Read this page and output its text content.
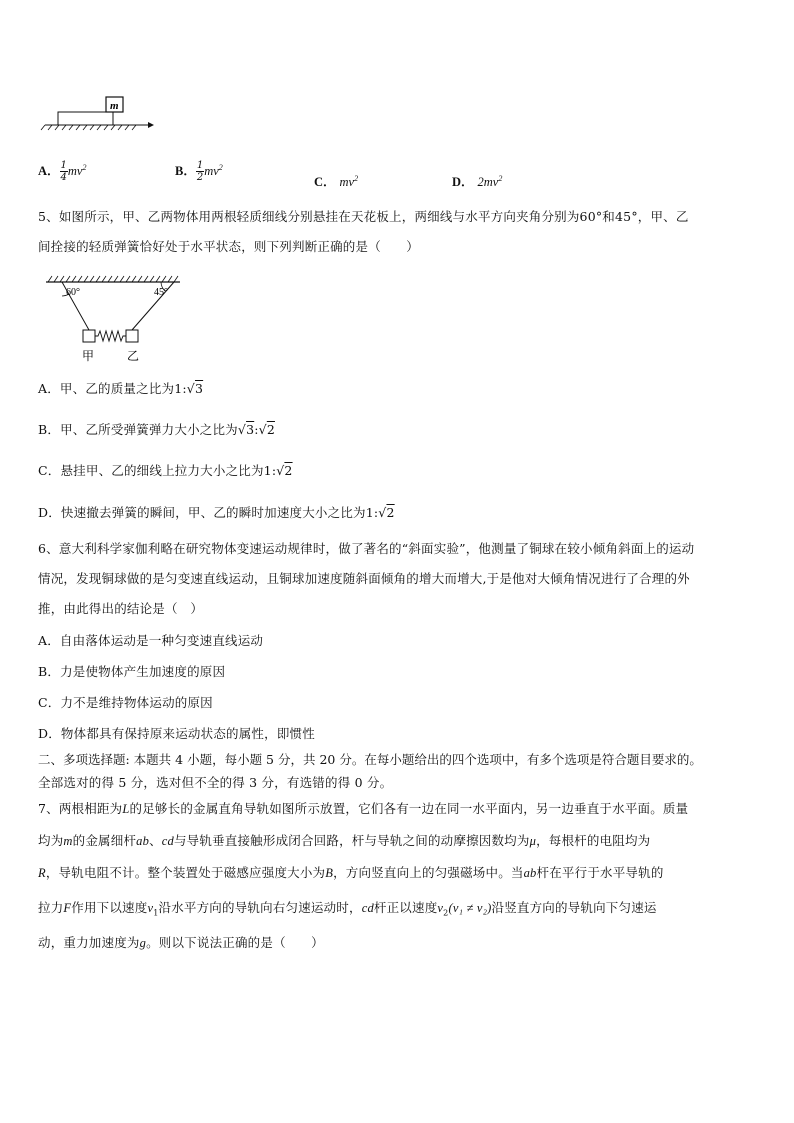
m
A． $\frac{1}{4} mv^2$	B． $\frac{1}{2} mv^2$
C． $mv^2$	D． $2mv^2$
5、如图所示，甲、乙两物体用两根轻质细线分别悬挂在天花板上，两细线与水平方向夹角分别为60°和45°，甲、乙
间拴接的轻质弹簧恰好处于水平状态，则下列判断正确的是（　　）
60°	45°
甲	乙
A．甲、乙的质量之比为1:√3
B．甲、乙所受弹簧弹力大小之比为√3:√2
C．悬挂甲、乙的细线上拉力大小之比为1:√2
D．快速撤去弹簧的瞬间，甲、乙的瞬时加速度大小之比为1:√2
6、意大利科学家伽利略在研究物体变速运动规律时，做了著名的“斜面实验”，他测量了铜球在较小倾角斜面上的运动
情况，发现铜球做的是匀变速直线运动，且铜球加速度随斜面倾角的增大而增大,于是他对大倾角情况进行了合理的外
推，由此得出的结论是（　）
A．自由落体运动是一种匀变速直线运动
B．力是使物体产生加速度的原因
C．力不是维持物体运动的原因
D．物体都具有保持原来运动状态的属性，即惯性
二、多项选择题: 本题共 4 小题，每小题 5 分，共 20 分。在每小题给出的四个选项中，有多个选项是符合题目要求的。
全部选对的得 5 分，选对但不全的得 3 分，有选错的得 0 分。
7、两根相距为L的足够长的金属直角导轨如图所示放置，它们各有一边在同一水平面内，另一边垂直于水平面。质量
均为m的金属细杆ab、cd与导轨垂直接触形成闭合回路，杆与导轨之间的动摩擦因数均为μ，每根杆的电阻均为
R，导轨电阻不计。整个装置处于磁感应强度大小为B，方向竖直向上的匀强磁场中。当ab杆在平行于水平导轨的
拉力F作用下以速度$v_1$沿水平方向的导轨向右匀速运动时，cd杆正以速度$v_2(v_1 \ne v_2)$沿竖直方向的导轨向下匀速运
动，重力加速度为g。则以下说法正确的是（　　）
